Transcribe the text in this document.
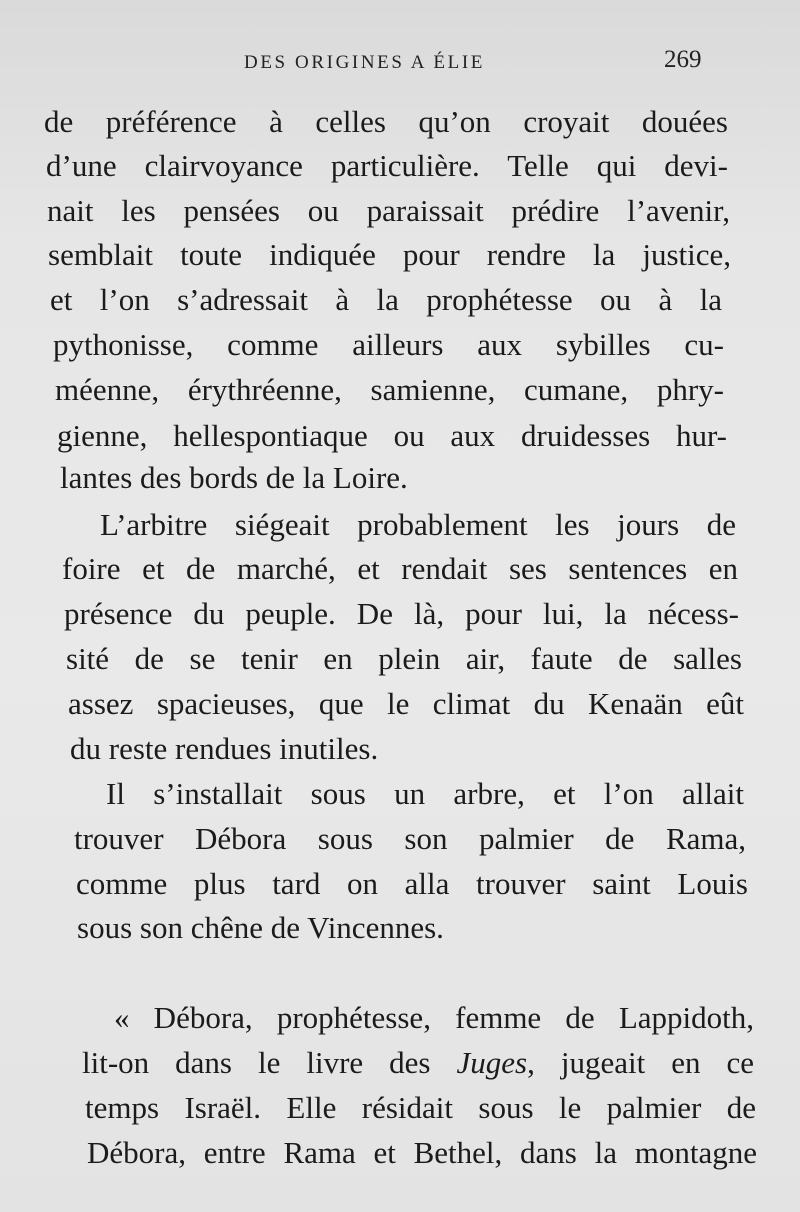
DES ORIGINES A ÉLIE	269
de préférence à celles qu’on croyait douées
d’une clairvoyance particulière. Telle qui devi-
nait les pensées ou paraissait prédire l’avenir,
semblait toute indiquée pour rendre la justice,
et l’on s’adressait à la prophétesse ou à la
pythonisse, comme ailleurs aux sybilles cu-
méenne, érythréenne, samienne, cumane, phry-
gienne, hellespontiaque ou aux druidesses hur-
lantes des bords de la Loire.
L’arbitre siégeait probablement les jours de
foire et de marché, et rendait ses sentences en
présence du peuple. De là, pour lui, la nécess-
sité de se tenir en plein air, faute de salles
assez spacieuses, que le climat du Kenaän eût
du reste rendues inutiles.
Il s’installait sous un arbre, et l’on allait
trouver Débora sous son palmier de Rama,
comme plus tard on alla trouver saint Louis
sous son chêne de Vincennes.
« Débora, prophétesse, femme de Lappidoth,
lit-on dans le livre des Juges, jugeait en ce
temps Israël. Elle résidait sous le palmier de
Débora, entre Rama et Bethel, dans la montagne
